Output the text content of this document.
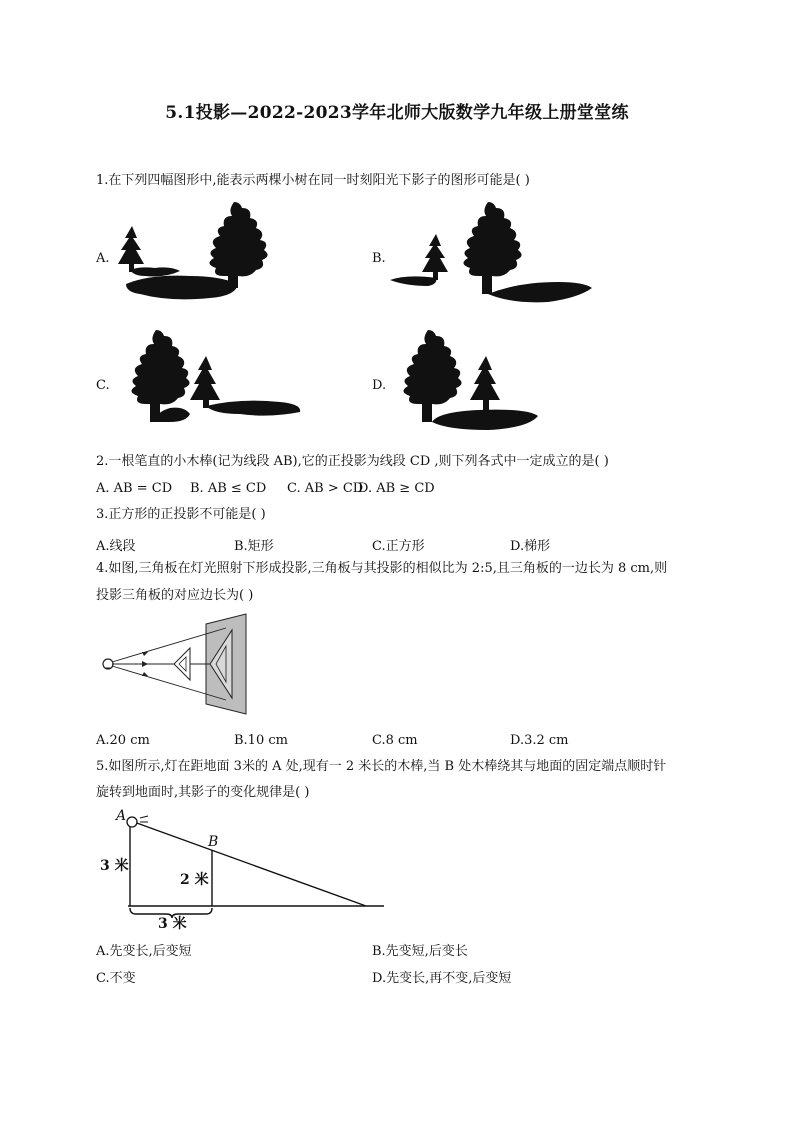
5.1投影—2022-2023学年北师大版数学九年级上册堂堂练
1.在下列四幅图形中,能表示两棵小树在同一时刻阳光下影子的图形可能是( )
A.	B.
C.	D.
2.一根笔直的小木棒(记为线段 AB),它的正投影为线段 CD ,则下列各式中一定成立的是( )
A. AB = CD B. AB ≤ CD C. AB > CD
D. AB ≥ CD
3.正方形的正投影不可能是( )
A.线段	B.矩形	C.正方形	D.梯形
4.如图,三角板在灯光照射下形成投影,三角板与其投影的相似比为 2:5,且三角板的一边长为 8 cm,则
投影三角板的对应边长为( )
A.20 cm	B.10 cm	C.8 cm	D.3.2 cm
5.如图所示,灯在距地面 3米的 A 处,现有一 2 米长的木棒,当 B 处木棒绕其与地面的固定端点顺时针
旋转到地面时,其影子的变化规律是( )
A
B
3 米
2 米
3 米
A.先变长,后变短	B.先变短,后变长
C.不变	D.先变长,再不变,后变短
